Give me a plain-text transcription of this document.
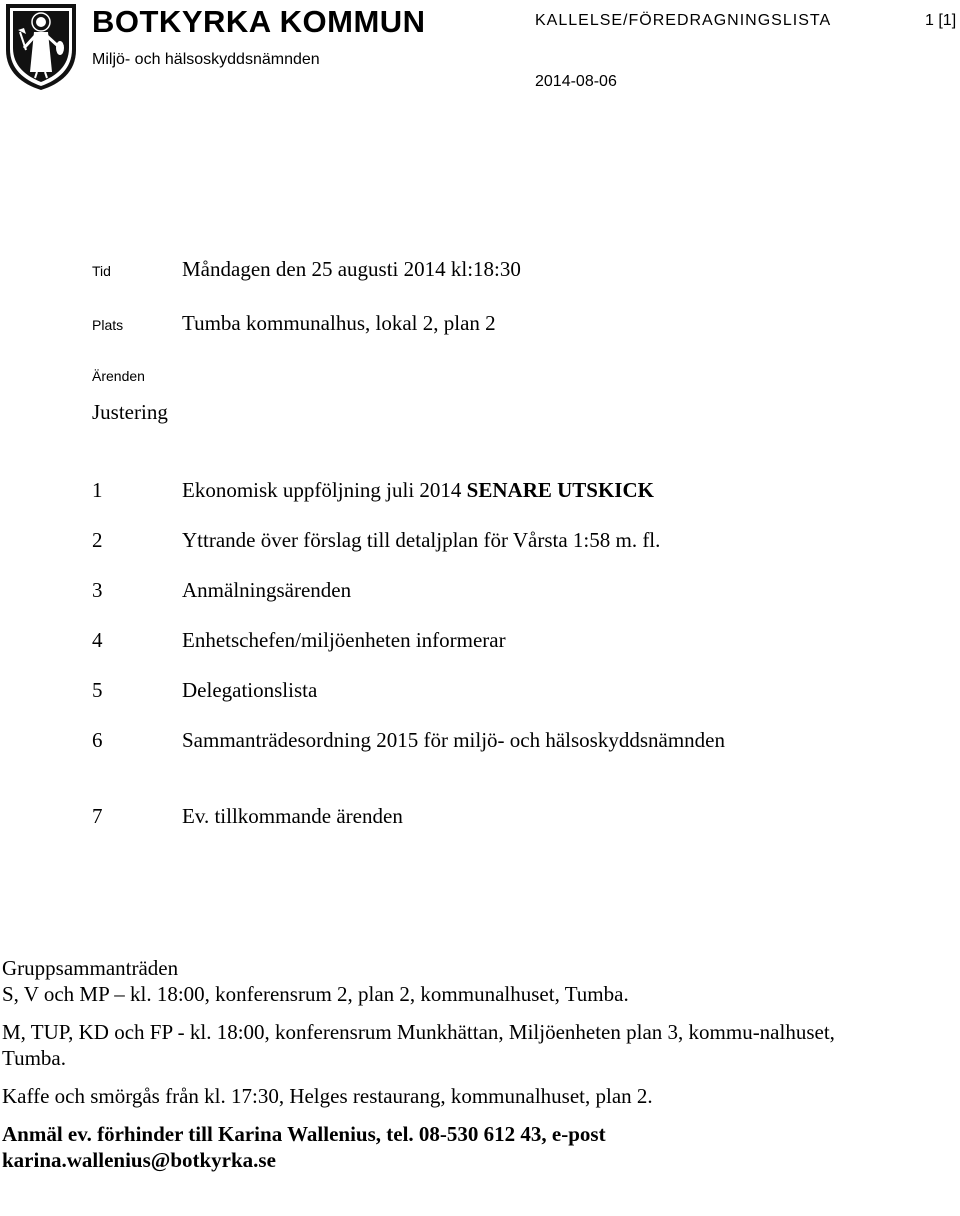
BOTKYRKA KOMMUN
Miljö- och hälsoskyddsnämnden
KALLELSE/FÖREDRAGNINGSLISTA	1 [1]
2014-08-06
Tid	Måndagen den 25 augusti 2014 kl:18:30
Plats	Tumba kommunalhus, lokal 2, plan 2
Ärenden
Justering
1	Ekonomisk uppföljning juli 2014 SENARE UTSKICK
2	Yttrande över förslag till detaljplan för Vårsta 1:58 m. fl.
3	Anmälningsärenden
4	Enhetschefen/miljöenheten informerar
5	Delegationslista
6	Sammanträdesordning 2015 för miljö- och hälsoskyddsnämnden
7	Ev. tillkommande ärenden

Gruppsammanträden

S, V och MP – kl. 18:00, konferensrum 2, plan 2, kommunalhuset, Tumba.

M, TUP, KD och FP - kl. 18:00, konferensrum Munkhättan, Miljöenheten plan 3, kommu-nalhuset, Tumba.

Kaffe och smörgås från kl. 17:30, Helges restaurang, kommunalhuset, plan 2.

Anmäl ev. förhinder till Karina Wallenius, tel. 08-530 612 43, e-post

karina.wallenius@botkyrka.se
